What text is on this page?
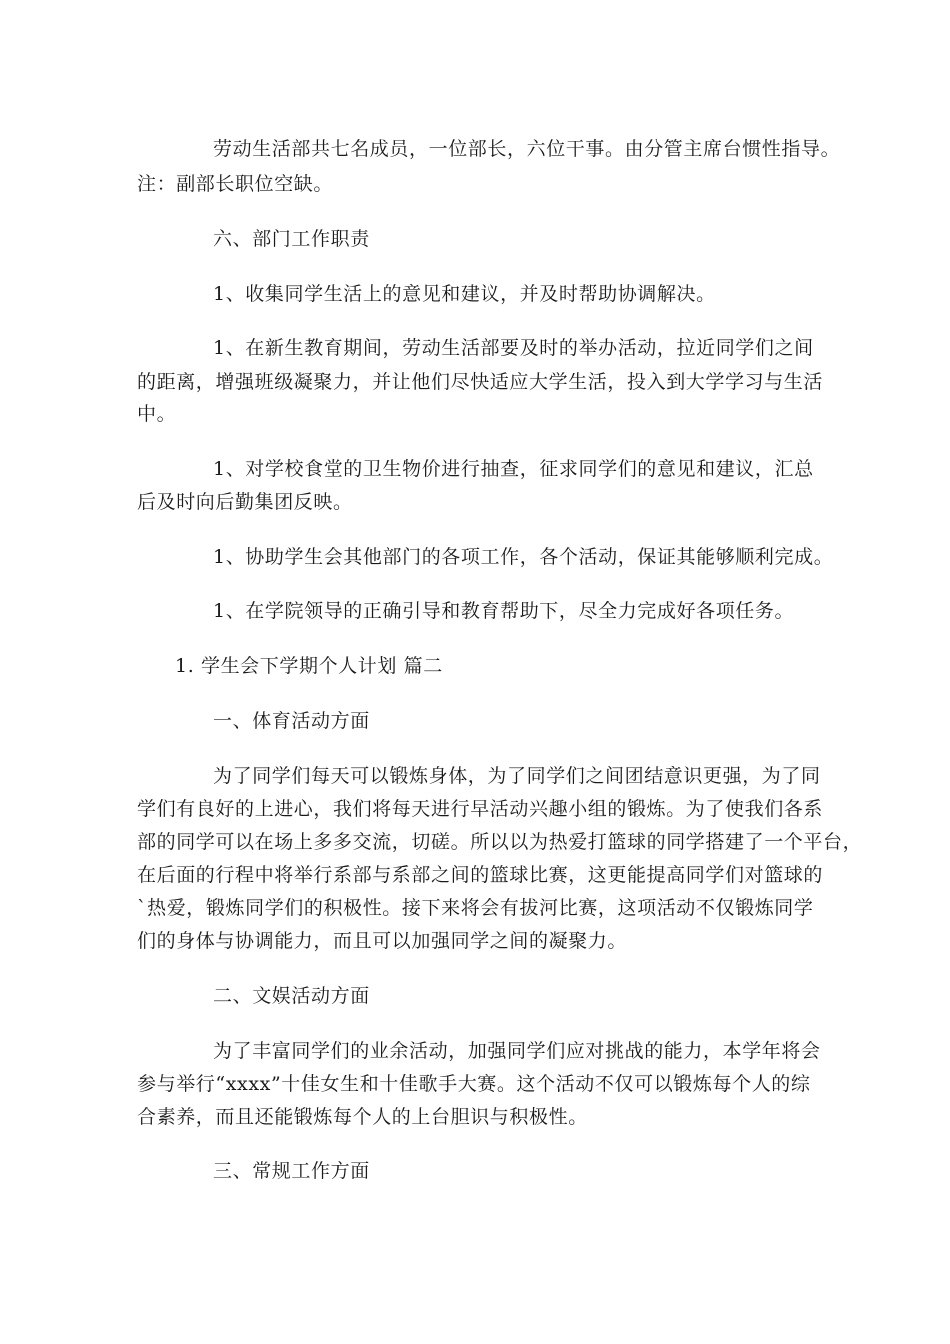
劳动生活部共七名成员，一位部长，六位干事。由分管主席台惯性指导。
注：副部长职位空缺。
六、部门工作职责
1、收集同学生活上的意见和建议，并及时帮助协调解决。
1、在新生教育期间，劳动生活部要及时的举办活动，拉近同学们之间
的距离，增强班级凝聚力，并让他们尽快适应大学生活，投入到大学学习与生活
中。
1、对学校食堂的卫生物价进行抽查，征求同学们的意见和建议，汇总
后及时向后勤集团反映。
1、协助学生会其他部门的各项工作，各个活动，保证其能够顺利完成。
1、在学院领导的正确引导和教育帮助下，尽全力完成好各项任务。
1. 学生会下学期个人计划 篇二
一、体育活动方面
为了同学们每天可以锻炼身体，为了同学们之间团结意识更强，为了同
学们有良好的上进心，我们将每天进行早活动兴趣小组的锻炼。为了使我们各系
部的同学可以在场上多多交流，切磋。所以以为热爱打篮球的同学搭建了一个平台，
在后面的行程中将举行系部与系部之间的篮球比赛，这更能提高同学们对篮球的
`热爱，锻炼同学们的积极性。接下来将会有拔河比赛，这项活动不仅锻炼同学
们的身体与协调能力，而且可以加强同学之间的凝聚力。
二、文娱活动方面
为了丰富同学们的业余活动，加强同学们应对挑战的能力，本学年将会
参与举行“xxxx”十佳女生和十佳歌手大赛。这个活动不仅可以锻炼每个人的综
合素养，而且还能锻炼每个人的上台胆识与积极性。
三、常规工作方面
